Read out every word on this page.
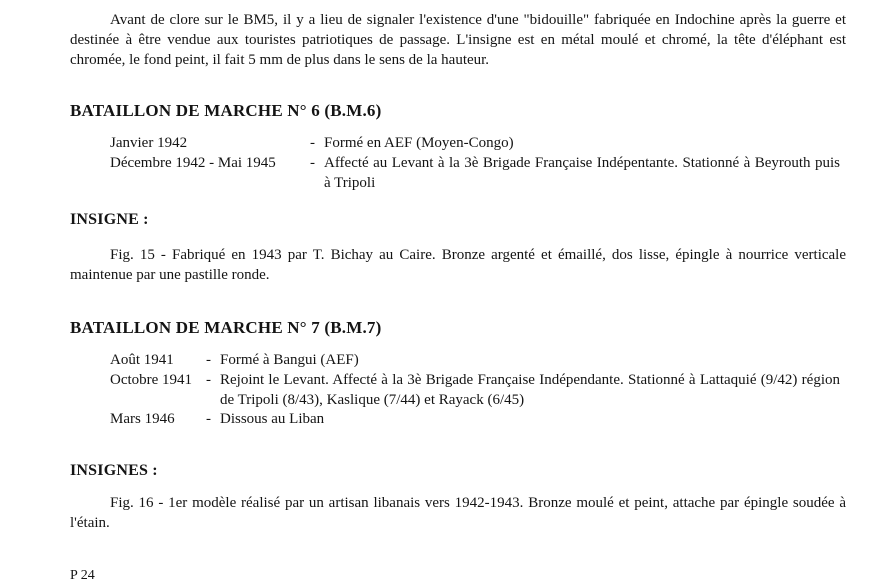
Avant de clore sur le BM5, il y a lieu de signaler l'existence d'une "bidouille" fabriquée en Indochine après la guerre et destinée à être vendue aux touristes patriotiques de passage. L'insigne est en métal moulé et chromé, la tête d'éléphant est chromée, le fond peint, il fait 5 mm de plus dans le sens de la hauteur.

BATAILLON DE MARCHE N° 6 (B.M.6)
Janvier 1942	- Formé en AEF (Moyen-Congo)
Décembre 1942 - Mai 1945	- Affecté au Levant à la 3è Brigade Française Indépentante. Stationné à Beyrouth puis à Tripoli
INSIGNE :

Fig. 15 - Fabriqué en 1943 par T. Bichay au Caire. Bronze argenté et émaillé, dos lisse, épingle à nourrice verticale maintenue par une pastille ronde.

BATAILLON DE MARCHE N° 7 (B.M.7)
Août 1941	- Formé à Bangui (AEF)
Octobre 1941 - Rejoint le Levant. Affecté à la 3è Brigade Française Indépendante. Stationné à Lattaquié (9/42) région de Tripoli (8/43), Kaslique (7/44) et Rayack (6/45)
Mars 1946	- Dissous au Liban
INSIGNES :

Fig. 16 - 1er modèle réalisé par un artisan libanais vers 1942-1943. Bronze moulé et peint, attache par épingle soudée à l'étain.

P 24
